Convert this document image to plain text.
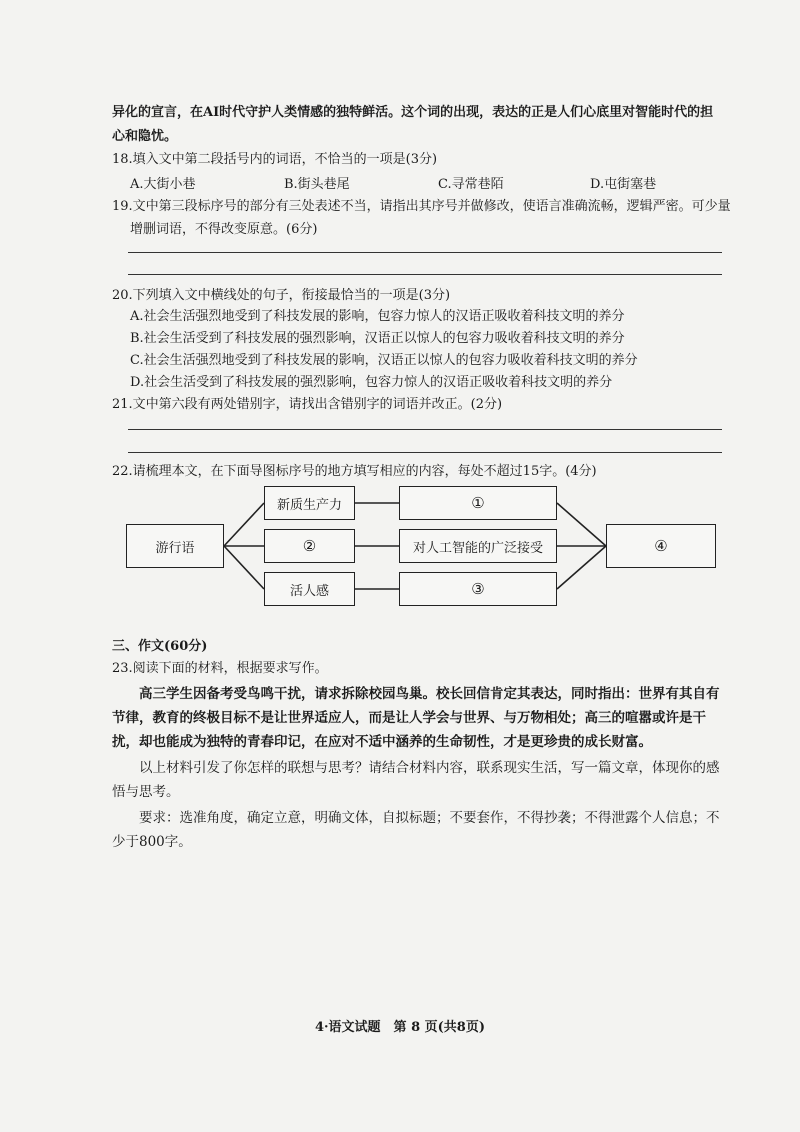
异化的宣言，在AI时代守护人类情感的独特鲜活。这个词的出现，表达的正是人们心底里对智能时代的担
心和隐忧。
18.填入文中第二段括号内的词语，不恰当的一项是(3分)
A.大街小巷	B.街头巷尾	C.寻常巷陌	D.屯街塞巷
19.文中第三段标序号的部分有三处表述不当，请指出其序号并做修改，使语言准确流畅，逻辑严密。可少量
增删词语，不得改变原意。(6分)
20.下列填入文中横线处的句子，衔接最恰当的一项是(3分)
A.社会生活强烈地受到了科技发展的影响，包容力惊人的汉语正吸收着科技文明的养分
B.社会生活受到了科技发展的强烈影响，汉语正以惊人的包容力吸收着科技文明的养分
C.社会生活强烈地受到了科技发展的影响，汉语正以惊人的包容力吸收着科技文明的养分
D.社会生活受到了科技发展的强烈影响，包容力惊人的汉语正吸收着科技文明的养分
21.文中第六段有两处错别字，请找出含错别字的词语并改正。(2分)
22.请梳理本文，在下面导图标序号的地方填写相应的内容，每处不超过15字。(4分)
游行语
新质生产力
②
活人感
①
对人工智能的广泛接受
③
④
三、作文(60分)
23.阅读下面的材料，根据要求写作。
高三学生因备考受鸟鸣干扰，请求拆除校园鸟巢。校长回信肯定其表达，同时指出：世界有其自有节律，教育的终极目标不是让世界适应人，而是让人学会与世界、与万物相处；高三的喧嚣或许是干扰，却也能成为独特的青春印记，在应对不适中涵养的生命韧性，才是更珍贵的成长财富。
以上材料引发了你怎样的联想与思考？请结合材料内容，联系现实生活，写一篇文章，体现你的感悟与思考。
要求：选准角度，确定立意，明确文体，自拟标题；不要套作，不得抄袭；不得泄露个人信息；不少于800字。
4·语文试题　第 8 页(共8页)
